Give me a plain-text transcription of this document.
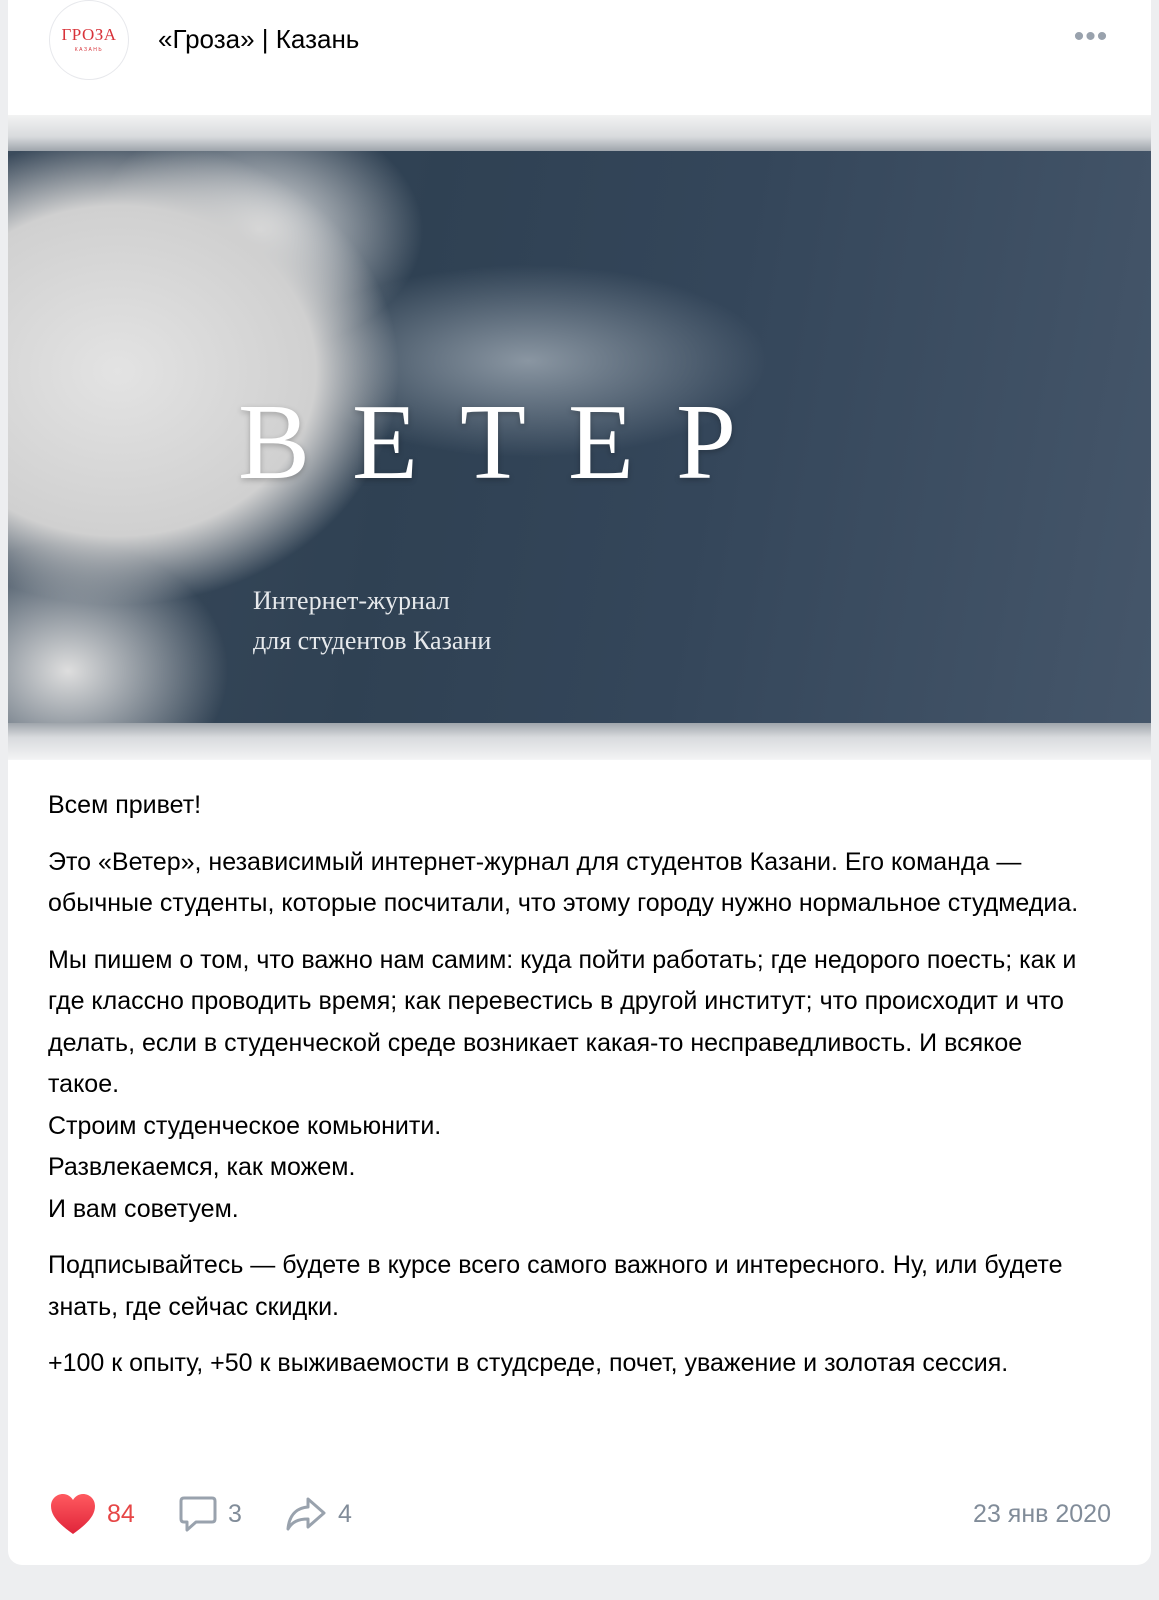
ГРОЗА
КАЗАНЬ	«Гроза» | Казань	•••
ВЕТЕР
Интернет-журнал
для студентов Казани

Всем привет!

Это «Ветер», независимый интернет-журнал для студентов Казани. Его команда — обычные студенты, которые посчитали, что этому городу нужно нормальное студмедиа.

Мы пишем о том, что важно нам самим: куда пойти работать; где недорого поесть; как и где классно проводить время; как перевестись в другой институт; что происходит и что делать, если в студенческой среде возникает какая-то несправедливость. И всякое такое.
Строим студенческое комьюнити.
Развлекаемся, как можем.
И вам советуем.

Подписывайтесь — будете в курсе всего самого важного и интересного. Ну, или будете знать, где сейчас скидки.

+100 к опыту, +50 к выживаемости в студсреде, почет, уважение и золотая сессия.

84	3	4	23 янв 2020
